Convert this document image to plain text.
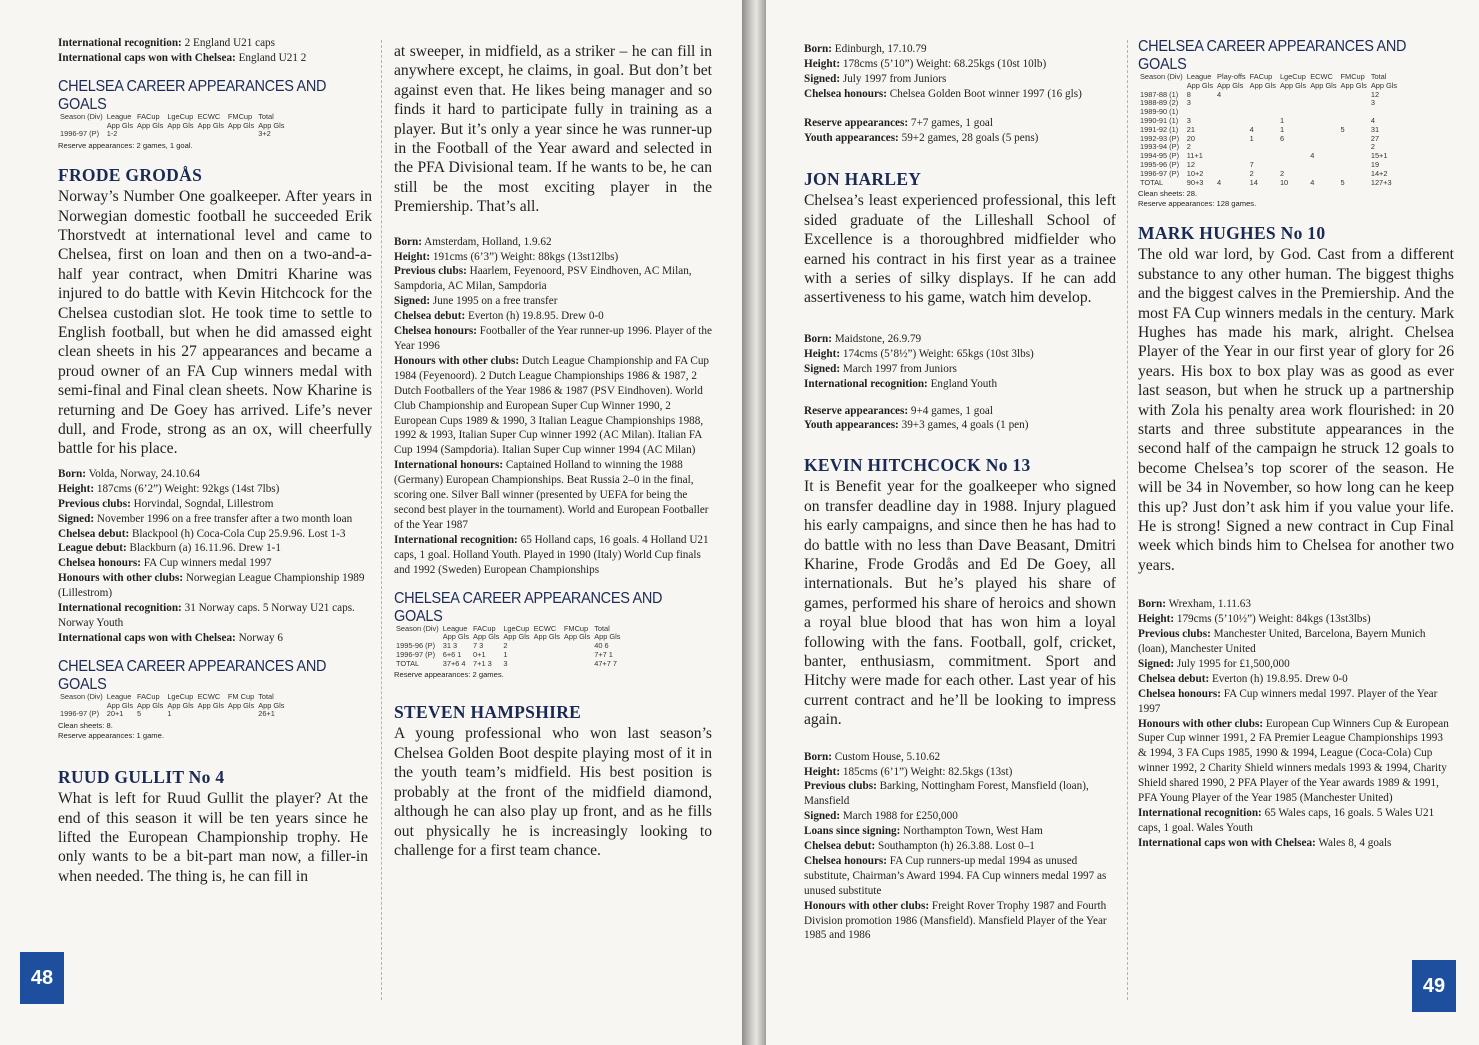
International recognition: 2 England U21 caps

International caps won with Chelsea: England U21 2

CHELSEA CAREER APPEARANCES AND GOALS
Season (Div)	League	FACup	LgeCup	ECWC	FMCup	Total
	App Gls	App Gls	App Gls	App Gls	App Gls	App Gls
1996-97 (P)	1-2					3+2

Reserve appearances: 2 games, 1 goal.

FRODE GRODÅS

Norway’s Number One goalkeeper. After years in Norwegian domestic football he succeeded Erik Thorstvedt at international level and came to Chelsea, first on loan and then on a two-and-a-half year contract, when Dmitri Kharine was injured to do battle with Kevin Hitchcock for the Chelsea custodian slot. He took time to settle to English football, but when he did amassed eight clean sheets in his 27 appearances and became a proud owner of an FA Cup winners medal with semi-final and Final clean sheets. Now Kharine is returning and De Goey has arrived. Life’s never dull, and Frode, strong as an ox, will cheerfully battle for his place.

Born: Volda, Norway, 24.10.64

Height: 187cms (6’2”) Weight: 92kgs (14st 7lbs)

Previous clubs: Horvindal, Sogndal, Lillestrom

Signed: November 1996 on a free transfer after a two month loan

Chelsea debut: Blackpool (h) Coca-Cola Cup 25.9.96. Lost 1-3

League debut: Blackburn (a) 16.11.96. Drew 1-1

Chelsea honours: FA Cup winners medal 1997

Honours with other clubs: Norwegian League Championship 1989 (Lillestrom)

International recognition: 31 Norway caps. 5 Norway U21 caps. Norway Youth

International caps won with Chelsea: Norway 6

CHELSEA CAREER APPEARANCES AND GOALS
Season (Div)	League	FACup	LgeCup	ECWC	FM Cup	Total
	App Gls	App Gls	App Gls	App Gls	App Gls	App Gls
1996-97 (P)	20+1	5	1			26+1

Clean sheets: 8.

Reserve appearances: 1 game.

RUUD GULLIT No 4

What is left for Ruud Gullit the player? At the end of this season it will be ten years since he lifted the European Championship trophy. He only wants to be a bit-part man now, a filler-in when needed. The thing is, he can fill in

at sweeper, in midfield, as a striker – he can fill in anywhere except, he claims, in goal. But don’t bet against even that. He likes being manager and so finds it hard to participate fully in training as a player. But it’s only a year since he was runner-up in the Football of the Year award and selected in the PFA Divisional team. If he wants to be, he can still be the most exciting player in the Premiership. That’s all.

Born: Amsterdam, Holland, 1.9.62

Height: 191cms (6’3”) Weight: 88kgs (13st12lbs)

Previous clubs: Haarlem, Feyenoord, PSV Eindhoven, AC Milan, Sampdoria, AC Milan, Sampdoria

Signed: June 1995 on a free transfer

Chelsea debut: Everton (h) 19.8.95. Drew 0-0

Chelsea honours: Footballer of the Year runner-up 1996. Player of the Year 1996

Honours with other clubs: Dutch League Championship and FA Cup 1984 (Feyenoord). 2 Dutch League Championships 1986 & 1987, 2 Dutch Footballers of the Year 1986 & 1987 (PSV Eindhoven). World Club Championship and European Super Cup Winner 1990, 2 European Cups 1989 & 1990, 3 Italian League Championships 1988, 1992 & 1993, Italian Super Cup winner 1992 (AC Milan). Italian FA Cup 1994 (Sampdoria). Italian Super Cup winner 1994 (AC Milan)

International honours: Captained Holland to winning the 1988 (Germany) European Championships. Beat Russia 2–0 in the final, scoring one. Silver Ball winner (presented by UEFA for being the second best player in the tournament). World and European Footballer of the Year 1987

International recognition: 65 Holland caps, 16 goals. 4 Holland U21 caps, 1 goal. Holland Youth. Played in 1990 (Italy) World Cup finals and 1992 (Sweden) European Championships

CHELSEA CAREER APPEARANCES AND GOALS
Season (Div)	League	FACup	LgeCup	ECWC	FMCup	Total
	App Gls	App Gls	App Gls	App Gls	App Gls	App Gls
1995-96 (P)	31 3	7 3	2			40 6
1996-97 (P)	6+6 1	0+1	1			7+7 1
TOTAL	37+6 4	7+1 3	3			47+7 7

Reserve appearances: 2 games.

STEVEN HAMPSHIRE

A young professional who won last season’s Chelsea Golden Boot despite playing most of it in the youth team’s midfield. His best position is probably at the front of the midfield diamond, although he can also play up front, and as he fills out physically he is increasingly looking to challenge for a first team chance.

48

Born: Edinburgh, 17.10.79

Height: 178cms (5’10”) Weight: 68.25kgs (10st 10lb)

Signed: July 1997 from Juniors

Chelsea honours: Chelsea Golden Boot winner 1997 (16 gls)

Reserve appearances: 7+7 games, 1 goal

Youth appearances: 59+2 games, 28 goals (5 pens)

JON HARLEY

Chelsea’s least experienced professional, this left sided graduate of the Lilleshall School of Excellence is a thoroughbred midfielder who earned his contract in his first year as a trainee with a series of silky displays. If he can add assertiveness to his game, watch him develop.

Born: Maidstone, 26.9.79

Height: 174cms (5’8½”) Weight: 65kgs (10st 3lbs)

Signed: March 1997 from Juniors

International recognition: England Youth

Reserve appearances: 9+4 games, 1 goal

Youth appearances: 39+3 games, 4 goals (1 pen)

KEVIN HITCHCOCK No 13

It is Benefit year for the goalkeeper who signed on transfer deadline day in 1988. Injury plagued his early campaigns, and since then he has had to do battle with no less than Dave Beasant, Dmitri Kharine, Frode Grodås and Ed De Goey, all internationals. But he’s played his share of games, performed his share of heroics and shown a royal blue blood that has won him a loyal following with the fans. Football, golf, cricket, banter, enthusiasm, commitment. Sport and Hitchy were made for each other. Last year of his current contract and he’ll be looking to impress again.

Born: Custom House, 5.10.62

Height: 185cms (6’1”) Weight: 82.5kgs (13st)

Previous clubs: Barking, Nottingham Forest, Mansfield (loan), Mansfield

Signed: March 1988 for £250,000

Loans since signing: Northampton Town, West Ham

Chelsea debut: Southampton (h) 26.3.88. Lost 0–1

Chelsea honours: FA Cup runners-up medal 1994 as unused substitute, Chairman’s Award 1994. FA Cup winners medal 1997 as unused substitute

Honours with other clubs: Freight Rover Trophy 1987 and Fourth Division promotion 1986 (Mansfield). Mansfield Player of the Year 1985 and 1986

CHELSEA CAREER APPEARANCES AND GOALS
Season (Div)	League	Play-offs	FACup	LgeCup	ECWC	FMCup	Total
	App Gls	App Gls	App Gls	App Gls	App Gls	App Gls	App Gls
1987-88 (1)	8	4					12
1988-89 (2)	3						3
1989-90 (1)							
1990-91 (1)	3			1			4
1991-92 (1)	21		4	1		5	31
1992-93 (P)	20		1	6			27
1993-94 (P)	2						2
1994-95 (P)	11+1				4		15+1
1995-96 (P)	12		7				19
1996-97 (P)	10+2		2	2			14+2
TOTAL	90+3	4	14	10	4	5	127+3

Clean sheets: 28.

Reserve appearances: 128 games.

MARK HUGHES No 10

The old war lord, by God. Cast from a different substance to any other human. The biggest thighs and the biggest calves in the Premiership. And the most FA Cup winners medals in the century. Mark Hughes has made his mark, alright. Chelsea Player of the Year in our first year of glory for 26 years. His box to box play was as good as ever last season, but when he struck up a partnership with Zola his penalty area work flourished: in 20 starts and three substitute appearances in the second half of the campaign he struck 12 goals to become Chelsea’s top scorer of the season. He will be 34 in November, so how long can he keep this up? Just don’t ask him if you value your life. He is strong! Signed a new contract in Cup Final week which binds him to Chelsea for another two years.

Born: Wrexham, 1.11.63

Height: 179cms (5’10½”) Weight: 84kgs (13st3lbs)

Previous clubs: Manchester United, Barcelona, Bayern Munich (loan), Manchester United

Signed: July 1995 for £1,500,000

Chelsea debut: Everton (h) 19.8.95. Drew 0-0

Chelsea honours: FA Cup winners medal 1997. Player of the Year 1997

Honours with other clubs: European Cup Winners Cup & European Super Cup winner 1991, 2 FA Premier League Championships 1993 & 1994, 3 FA Cups 1985, 1990 & 1994, League (Coca-Cola) Cup winner 1992, 2 Charity Shield winners medals 1993 & 1994, Charity Shield shared 1990, 2 PFA Player of the Year awards 1989 & 1991, PFA Young Player of the Year 1985 (Manchester United)

International recognition: 65 Wales caps, 16 goals. 5 Wales U21 caps, 1 goal. Wales Youth

International caps won with Chelsea: Wales 8, 4 goals

49
